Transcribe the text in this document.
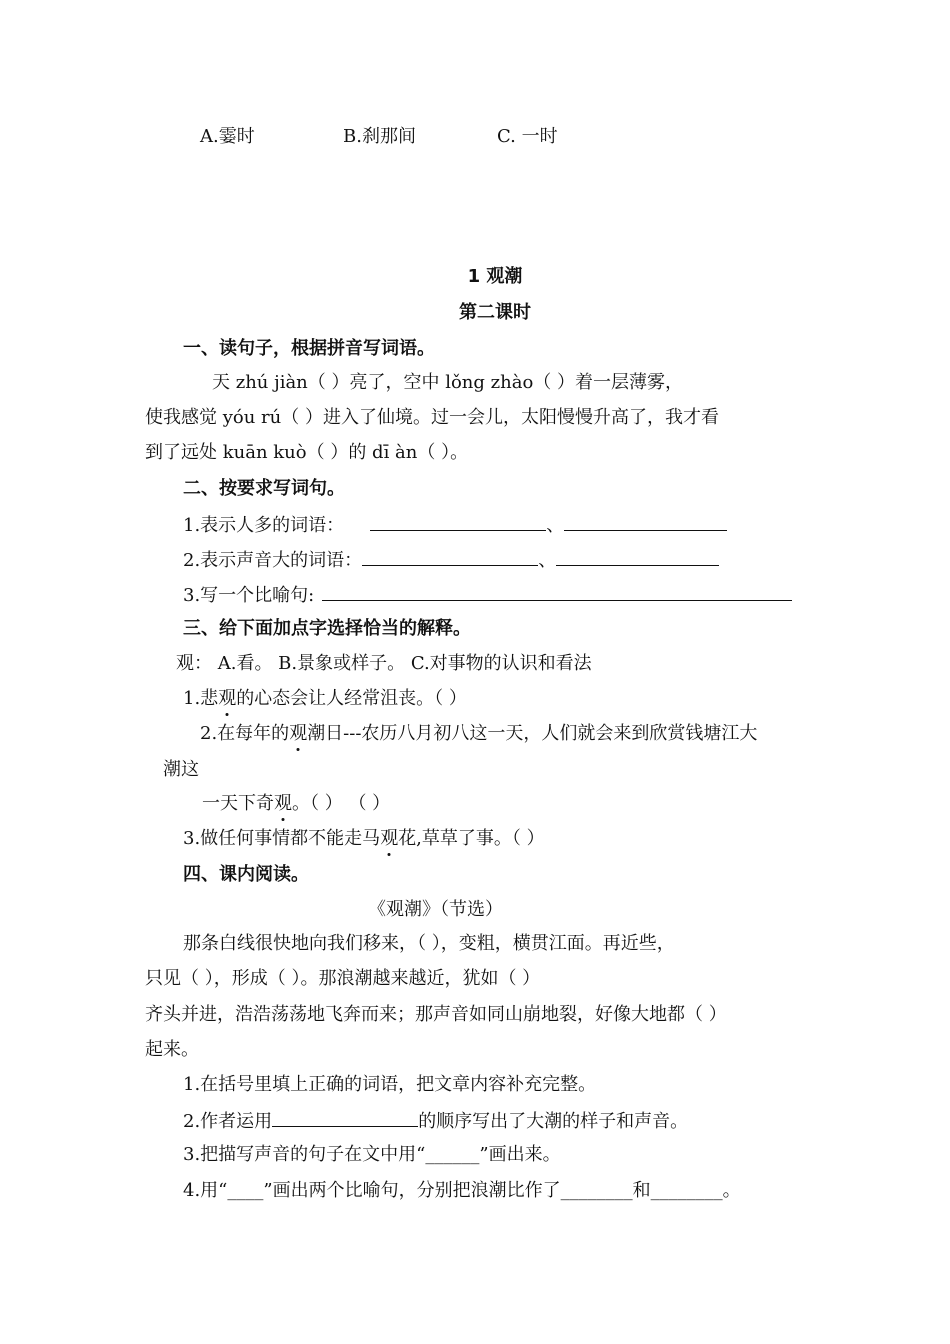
A.霎时	B.刹那间	C. 一时
1 观潮
第二课时
一、读句子，根据拼音写词语。
天 zhú jiàn（ ）亮了，空中 lǒng zhào（ ）着一层薄雾，
使我感觉 yóu rú（ ）进入了仙境。过一会儿，太阳慢慢升高了，我才看
到了远处 kuān kuò（ ）的 dī àn（ ）。
二、按要求写词句。
1.表示人多的词语：	、
2.表示声音大的词语：	、
3.写一个比喻句:
三、给下面加点字选择恰当的解释。
观： A.看。 B.景象或样子。 C.对事物的认识和看法
1.悲观的心态会让人经常沮丧。（ ）
2.在每年的观潮日---农历八月初八这一天，人们就会来到欣赏钱塘江大
潮这
一天下奇观。（ ） （ ）
3.做任何事情都不能走马观花,草草了事。（ ）
四、课内阅读。
《观潮》（节选）
那条白线很快地向我们移来，（ ），变粗，横贯江面。再近些，
只见（ ），形成（ ）。那浪潮越来越近，犹如（ ）
齐头并进，浩浩荡荡地飞奔而来；那声音如同山崩地裂，好像大地都（ ）
起来。
1.在括号里填上正确的词语，把文章内容补充完整。
2.作者运用	的顺序写出了大潮的样子和声音。
3.把描写声音的句子在文中用“______”画出来。
4.用“____”画出两个比喻句，分别把浪潮比作了________和________。
